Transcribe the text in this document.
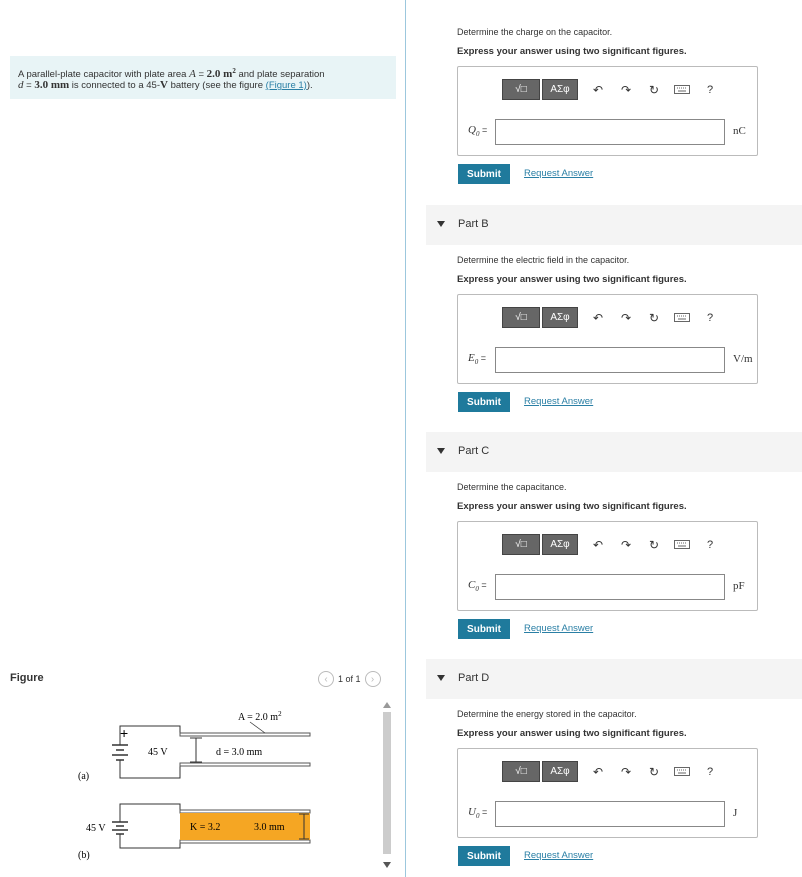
A parallel-plate capacitor with plate area A = 2.0 $m^2$ and plate separation
d = 3.0 mm is connected to a 45-V battery (see the figure (Figure 1)).
Figure	‹	1 of 1	›
+
45 V	d = 3.0 mm
A = 2.0 $m^2$
(a)
K = 3.2	3.0 mm
45 V
(b)
Determine the charge on the capacitor.
Express your answer using two significant figures.
√□	ΑΣφ	↶	↷	↻	?
$Q_0$ =	nC
Submit	Request Answer
Part B
Determine the electric field in the capacitor.
Express your answer using two significant figures.
√□	ΑΣφ	↶	↷	↻	?
$E_0$ =	V/m
Submit	Request Answer
Part C
Determine the capacitance.
Express your answer using two significant figures.
√□	ΑΣφ	↶	↷	↻	?
$C_0$ =	pF
Submit	Request Answer
Part D
Determine the energy stored in the capacitor.
Express your answer using two significant figures.
√□	ΑΣφ	↶	↷	↻	?
$U_0$ =	J
Submit	Request Answer
